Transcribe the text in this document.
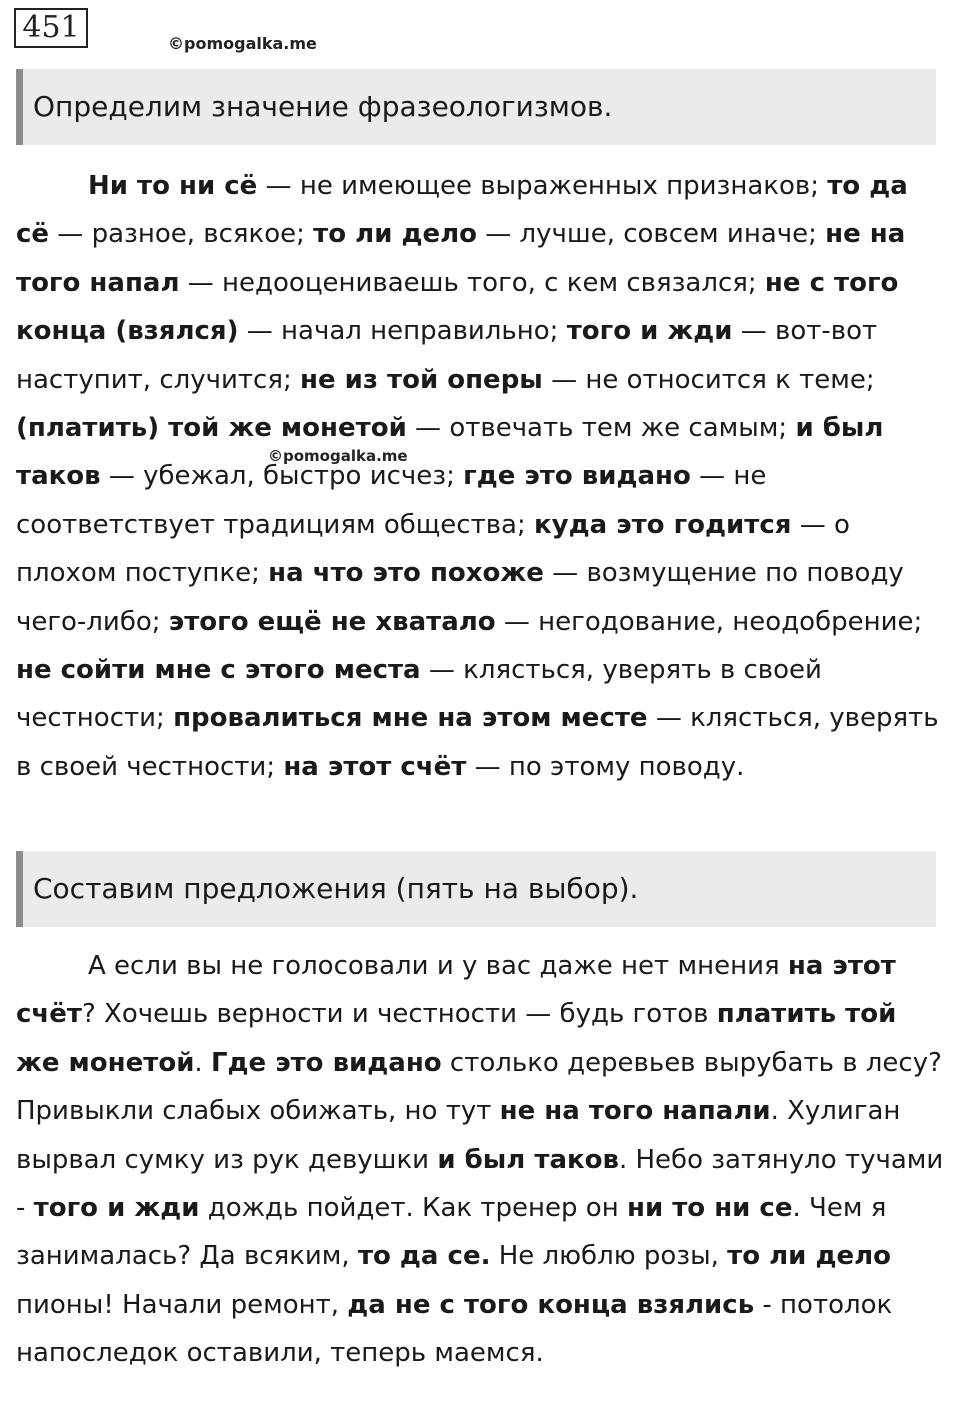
451	©pomogalka.me
Определим значение фразеологизмов.

Ни то ни сё — не имеющее выраженных признаков; то да сё — разное, всякое; то ли дело — лучше, совсем иначе; не на того напал — недооцениваешь того, с кем связался; не с того конца (взялся) — начал неправильно; того и жди — вот-вот наступит, случится; не из той оперы — не относится к теме; (платить) той же монетой — отвечать тем же самым; и был таков — убежал, быстро исчез; где это видано — не соответствует традициям общества; куда это годится — о плохом поступке; на что это похоже — возмущение по поводу чего-либо; этого ещё не хватало — негодование, неодобрение; не сойти мне с этого места — клясться, уверять в своей честности; провалиться мне на этом месте — клясться, уверять в своей честности; на этот счёт — по этому поводу.

©pomogalka.me
Составим предложения (пять на выбор).

А если вы не голосовали и у вас даже нет мнения на этот счёт? Хочешь верности и честности — будь готов платить той же монетой. Где это видано столько деревьев вырубать в лесу? Привыкли слабых обижать, но тут не на того напали. Хулиган вырвал сумку из рук девушки и был таков. Небо затянуло тучами - того и жди дождь пойдет. Как тренер он ни то ни се. Чем я занималась? Да всяким, то да се. Не люблю розы, то ли дело пионы! Начали ремонт, да не с того конца взялись - потолок напоследок оставили, теперь маемся.
